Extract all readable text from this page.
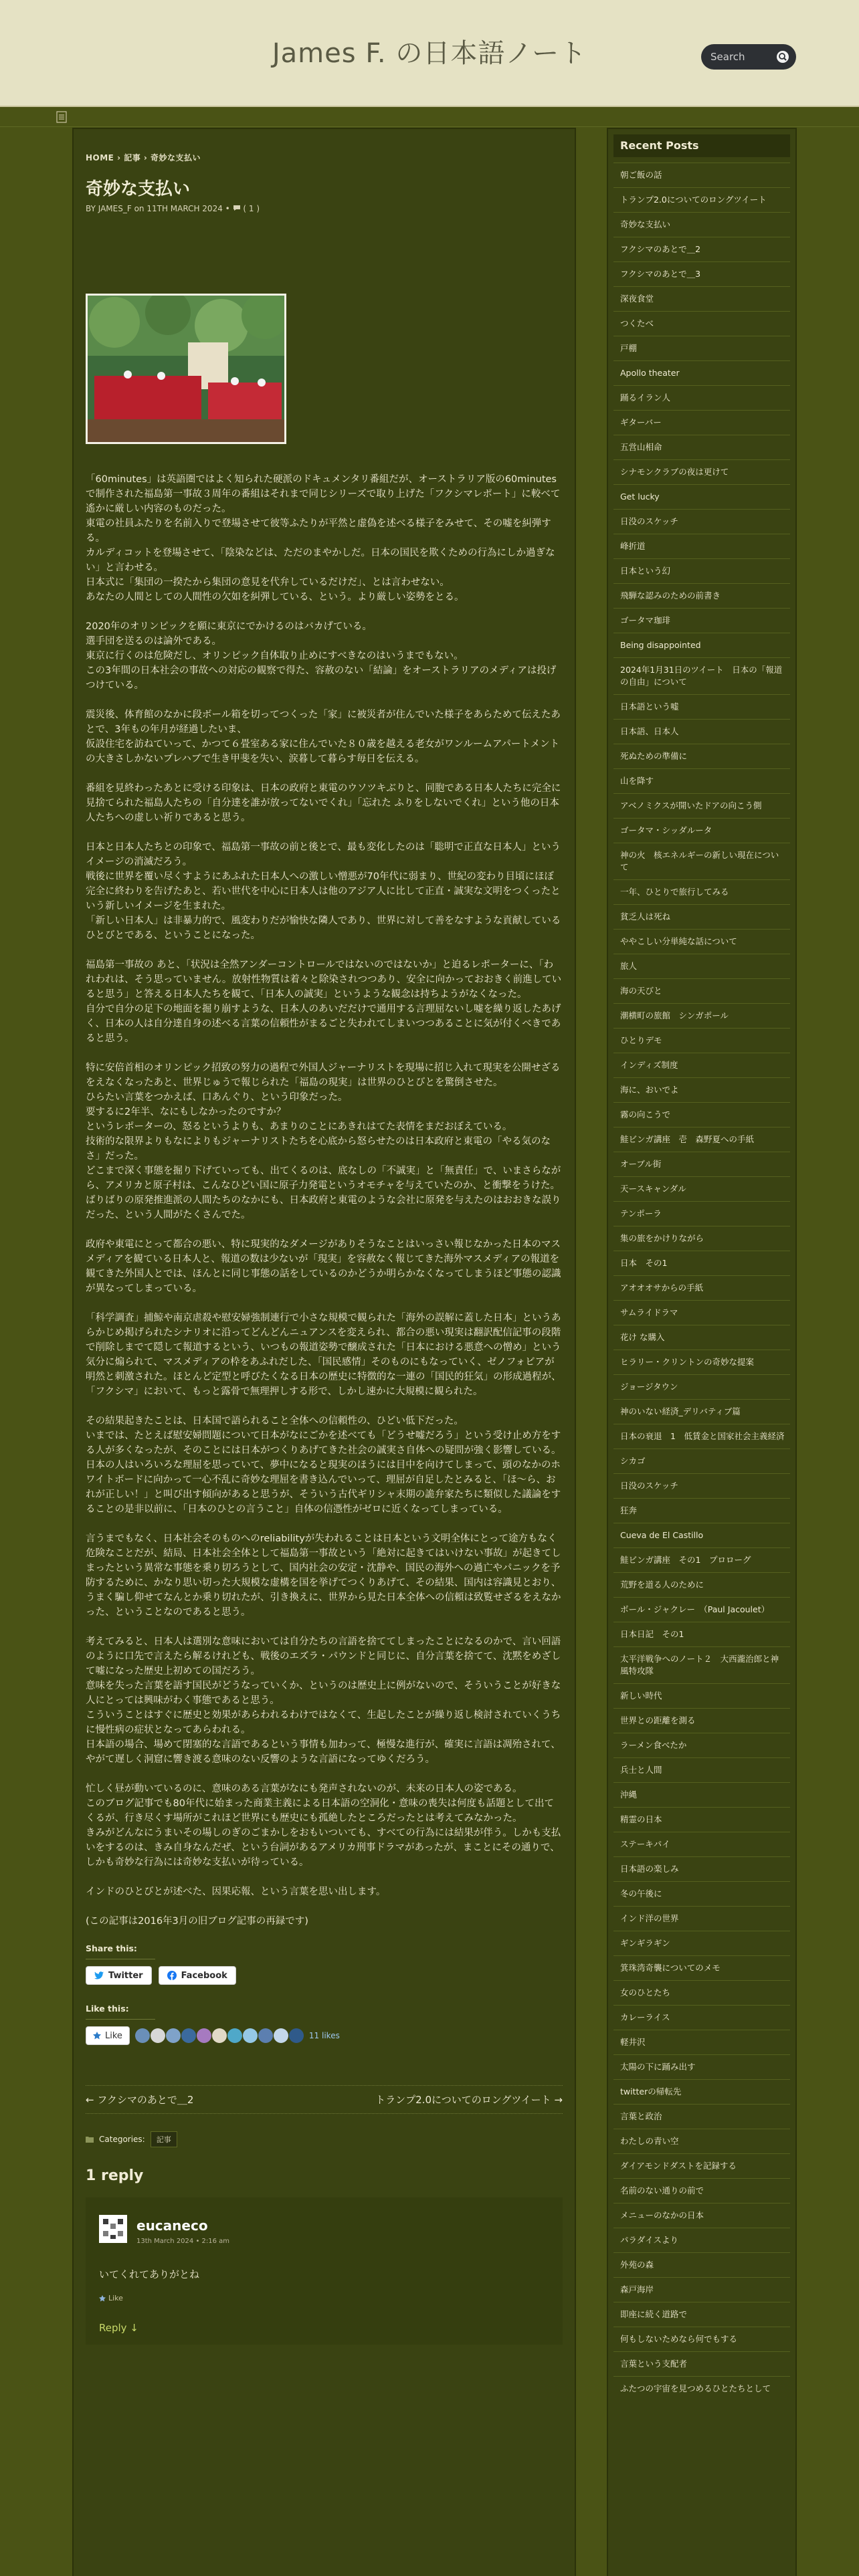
James F. の日本語ノート
Search
HOME › 記事 › 奇妙な支払い
奇妙な支払い
BY JAMES_F on 11TH MARCH 2024 • ( 1 )

「60minutes」は英語圏ではよく知られた硬派のドキュメンタリ番組だが、オーストラリア版の60minutesで制作された福島第一事故３周年の番組はそれまで同じシリーズで取り上げた「フクシマレポート」に較べて遙かに厳しい内容のものだった。
東電の社員ふたりを名前入りで登場させて彼等ふたりが平然と虚偽を述べる様子をみせて、その嘘を糾弾する。
カルディコットを登場させて、「陰染などは、ただのまやかしだ。日本の国民を欺くための行為にしか過ぎない」と言わせる。
日本式に「集団の一揆たから集団の意見を代弁しているだけだ」、とは言わせない。
あなたの人間としての人間性の欠如を糾弾している、という。より厳しい姿勢をとる。

2020年のオリンピックを願に東京にでかけるのはバカげている。
選手団を送るのは論外である。
東京に行くのは危険だし、オリンピック自体取り止めにすべきなのはいうまでもない。
この3年間の日本社会の事故への対応の観察で得た、容赦のない「結論」をオーストラリアのメディアは投げつけている。

震災後、体育館のなかに段ボール箱を切ってつくった「家」に被災者が住んでいた様子をあらためて伝えたあとで、3年もの年月が経過したいま、
仮設住宅を訪ねていって、かつて６畳室ある家に住んでいた８０歳を越える老女がワンルームアパートメントの大きさしかないプレハブで生き甲斐を失い、涙暮して暮らす毎日を伝える。

番組を見終わったあとに受ける印象は、日本の政府と東電のウソツキぶりと、同胞である日本人たちに完全に見捨てられた福島人たちの「自分達を誰が放ってないでくれ」「忘れた ふりをしないでくれ」という他の日本人たちへの虚しい祈りであると思う。

日本と日本人たちとの印象で、福島第一事故の前と後とで、最も変化したのは「聡明で正直な日本人」というイメージの消滅だろう。
戦後に世界を覆い尽くすようにあふれた日本人への激しい憎悪が70年代に弱まり、世紀の変わり目頃にほぼ完全に終わりを告げたあと、若い世代を中心に日本人は他のアジア人に比して正直・誠実な文明をつくったという新しいイメージを生まれた。
「新しい日本人」は非暴力的で、風変わりだが愉快な隣人であり、世界に対して善をなすような貢献しているひとびとである、ということになった。

福島第一事故の あと、「状況は全然アンダーコントロールではないのではないか」と迫るレポーターに、「われわれは、そう思っていません。放射性物質は着々と除染されつつあり、安全に向かっておおきく前進していると思う」と答える日本人たちを観て、「日本人の誠実」というような観念は持ちようがなくなった。
自分で自分の足下の地面を掘り崩すような、日本人のあいだだけで通用する言理屈ないし嘘を繰り返したあげく、日本の人は自分達自身の述べる言葉の信頼性がまるごと失われてしまいつつあることに気が付くべきであると思う。

特に安倍首相のオリンピック招致の努力の過程で外国人ジャーナリストを現場に招じ入れて現実を公開せざるをえなくなったあと、世界じゅうで報じられた「福島の現実」は世界のひとびとを驚倒させた。
ひらたい言葉をつかえば、口あんぐり、という印象だった。
要するに2年半、なにもしなかったのですか？
というレポーターの、怒るというよりも、あまりのことにあきれはてた表情をまだおぼえている。
技術的な限界よりもなによりもジャーナリストたちを心底から怒らせたのは日本政府と東電の「やる気のなさ」だった。
どこまで深く事態を掘り下げていっても、出てくるのは、底なしの「不誠実」と「無責任」で、いまさらながら、アメリカと原子村は、こんなひどい国に原子力発電というオモチャを与えていたのか、と衝撃をうけた。
ばりばりの原発推進派の人間たちのなかにも、日本政府と東電のような会社に原発を与えたのはおおきな誤りだった、という人間がたくさんでた。

政府や東電にとって都合の悪い、特に現実的なダメージがありそうなことはいっさい報じなかった日本のマスメディアを観ている日本人と、報道の数は少ないが「現実」を容赦なく報じてきた海外マスメディアの報道を観てきた外国人とでは、ほんとに同じ事態の話をしているのかどうか明らかなくなってしまうほど事態の認識が異なってしまっている。

「科学調査」捕鯨や南京虐殺や慰安婦強制連行で小さな規模で観られた「海外の誤解に蓋した日本」というあらかじめ掲げられたシナリオに沿ってどんどんニュアンスを変えられ、都合の悪い現実は翻訳配信記事の段階で削除しまでて隠して報道するという、いつもの報道姿勢で醸成された「日本における悪意への憎め」という気分に煽られて、マスメディアの枠をあふれだした、「国民感情」そのものにもなっていく、ゼノフォビアが明然と刺激された。ほとんど定型と呼びたくなる日本の歴史に特徴的な一連の「国民的狂気」の形成過程が、「フクシマ」において、もっと露骨で無理押しする形で、しかし速かに大規模に観られた。

その結果起きたことは、日本国で語られること全体への信頼性の、ひどい低下だった。
いまでは、たとえば慰安婦問題について日本がなにごかを述べても「どうせ嘘だろう」という受け止め方をする人が多くなったが、そのことには日本がつくりあげてきた社会の誠実さ自体への疑問が強く影響している。
日本の人はいろいろな理屈を思っていて、夢中になると現実のほうには目中を向けてしまって、頭のなかのホワイトボードに向かって一心不乱に奇妙な理屈を書き込んでいって、理屈が自足したとみると、「ほ～ら、おれが正しい！」と叫び出す傾向があると思うが、そういう古代ギリシャ末期の詭弁家たちに類似した議論をすることの是非以前に、「日本のひとの言うこと」自体の信憑性がゼロに近くなってしまっている。

言うまでもなく、日本社会そのものへのreliabilityが失われることは日本という文明全体にとって途方もなく危険なことだが、結局、日本社会全体として福島第一事故という「絶対に起きてはいけない事故」が起きてしまったという異常な事態を乗り切ろうとして、国内社会の安定・沈静や、国民の海外への過亡やパニックを予防するために、かなり思い切った大規模な虚構を国を挙げてつくりあげて、その結果、国内は容識見とおり、うまく騙し仰せてなんとか乗り切れたが、引き換えに、世界から見た日本全体への信頼は致覧せざるをえなかった、ということなのであると思う。

考えてみると、日本人は選別な意味においては自分たちの言語を捨ててしまったことになるのかで、言い回語のように口先で言えたら解るけれども、戦後のエズラ・パウンドと同じに、自分言葉を捨てて、沈黙をめざして嘘になった歴史上初めての国だろう。
意味を失った言葉を語す国民がどうなっていくか、というのは歴史上に例がないので、そういうことが好きな人にとっては興味がわく事態であると思う。
こういうことはすぐに歴史と効果があらわれるわけではなくて、生起したことが繰り返し検討されていくうちに慢性病の症状となってあらわれる。
日本語の場合、場めて閉塞的な言語であるという事情も加わって、極慢な進行が、確実に言語は凋殆されて、やがて遅しく洞窟に響き渡る意味のない反響のような言語になってゆくだろう。

忙しく昼が動いているのに、意味のある言葉がなにも発声されないのが、未来の日本人の姿である。
このブログ記事でも80年代に始まった商業主義による日本語の空洞化・意味の喪失は何度も話題として出てくるが、行き尽くす場所がこれほど世界にも歴史にも孤絶したところだったとは考えてみなかった。
きみがどんなにうまいその場しのぎのごまかしをおもいついても、すべての行為には結果が伴う。しかも支払いをするのは、きみ自身なんだぜ、という台詞があるアメリカ刑事ドラマがあったが、まことにその通りで、しかも奇妙な行為には奇妙な支払いが待っている。

インドのひとびとが述べた、因果応報、という言葉を思い出します。

(この記事は2016年3月の旧ブログ記事の再録です)

Share this:
Twitter	Facebook
Like this:
Like	11 likes
← フクシマのあとで＿2	トランプ2.0についてのロングツイート →
Categories:	記事
1 reply
eucaneco
13th March 2024 • 2:16 am
いてくれてありがとね
Like
Reply ↓
Recent Posts
朝ご飯の話
トランプ2.0についてのロングツイート
奇妙な支払い
フクシマのあとで＿2
フクシマのあとで＿3
深夜食堂
つくたべ
戸棚
Apollo theater
踊るイラン人
ギターバー
五営山相命
シナモンクラブの夜は更けて
Get lucky
日没のスケッチ
峰折道
日本という幻
飛騨な認みのための前書き
ゴータマ珈琲
Being disappointed
2024年1月31日のツイート　日本の「報道の自由」について
日本語という嘘
日本語、日本人
死ぬための準備に
山を降す
アベノミクスが開いたドアの向こう側
ゴータマ・シッダルータ
神の火　核エネルギーの新しい現在について
一年、ひとりで旅行してみる
貧乏人は死ね
ややこしい分単純な話について
旅人
海の天びと
潮横町の旅館　シンガポール
ひとりデモ
インディズ制度
海に、おいでよ
霧の向こうで
鮭ビンガ講座　壱　森野夏への手紙
オーブル街
天ースキャンダル
テンポーラ
集の旅をかけりながら
日本　その1
アオオオサからの手紙
サムライドラマ
花け な購入
ヒラリー・クリントンの奇妙な提案
ジョージタウン
神のいない経済_デリバティブ篇
日本の衰退　1　低賃金と国家社会主義経済
シカゴ
日没のスケッチ
狂奔
Cueva de El Castillo
鮭ビンガ講座　その1　プロローグ
荒野を道る人のために
ボール・ジャクレー　（Paul Jacoulet）
日本日記　その1
太平洋戦争へのノート２　大西瀧治郎と神風特攻隊
新しい時代
世界との距離を測る
ラーメン食べたか
兵士と人間
沖縄
精霊の日本
ステーキパイ
日本語の楽しみ
冬の午後に
インド洋の世界
ギンギラギン
箕珠湾奇襲についてのメモ
女のひとたち
カレーライス
軽井沢
太陽の下に踊み出す
twitterの帰転先
言葉と政治
わたしの青い空
ダイアモンドダストを記録する
名前のない通りの前で
メニューのなかの日本
パラダイスより
外苑の森
森戸海岸
即座に続く道路で
何もしないためなら何でもする
言葉という支配者
ふたつの宇宙を見つめるひとたちとして
